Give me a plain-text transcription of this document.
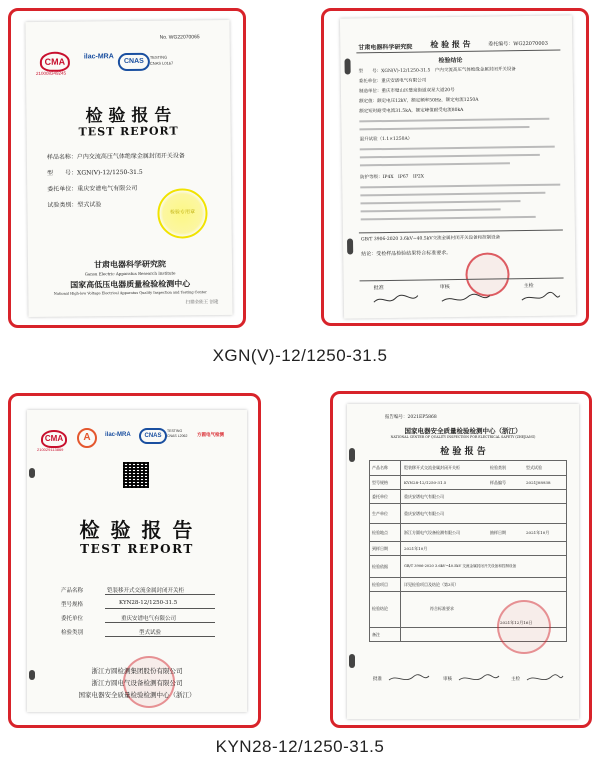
No. WG22070065
CMA
210008349245
ilac-MRA
CNAS
TESTING CNAS L0167
检 验 报 告
TEST REPORT
样品名称：户内交流高压气体绝缘金属封闭开关设备
型　　号：XGN(V)-12/1250-31.5
委托单位：重庆安谱电气有限公司
试验类别：型式试验
检验专用章
甘肃电器科学研究院
Gansu Electric Apparatus Research Institute
国家高低压电器质量检验检测中心
National High-low Voltage Electrical Apparatus Quality Inspection and Testing Center
扫描全能王 创建
甘肃电器科学研究院 检 验 报 告	委托编号：WG22070003
检验结论
型　　号：XGN(V)-12/1250-31.5　户内交流高压气体绝缘金属封闭开关设备
委托单位：重庆安谱电气有限公司
制造单位：重庆市璧山区璧泉街道双星大道20号
额定值：额定电压12kV，额定频率50Hz，额定电流1250A
额定短时耐受电流31.5kA，额定峰值耐受电流80kA
温升试验（1.1×1250A）
防护等级：IP4X　IP67　IP2X
GB/T 3906-2020 3.6kV~40.5kV交流金属封闭开关设备和控制设备
结论：受检样品检验结果符合标准要求。
批准	审核	主检
XGN(V)-12/1250-31.5
CMA
210029113869
A	ilac-MRA	CNAS
TESTING CNAS L2062	方圆电气检测
检 验 报 告
TEST REPORT
产品名称	铠装移开式交流金属封闭开关柜
型号规格	KYN28-12/1250-31.5
委托单位	重庆安谱电气有限公司
检验类别	型式试验
浙江方圆检测集团股份有限公司
浙江方圆电气设备检测有限公司
国家电器安全质量检验检测中心（浙江）
报告编号：2021EP5868
国家电器安全质量检验检测中心（浙江）
NATIONAL CENTER OF QUALITY INSPECTION FOR ELECTRICAL SAFETY (ZHEJIANG)
检 验 报 告
产品名称	铠装移开式交流金属封闭开关柜	检验类别	型式试验
型号规格	KYN28-12/1250-31.5	样品编号	2021J08938
委托单位	重庆安谱电气有限公司
生产单位	重庆安谱电气有限公司
检验地点	浙江方圆电气设备检测有限公司	抽样日期	2021年10月
到样日期	2021年10月
检验依据	GB/T 3906-2020 3.6kV~40.5kV 交流金属封闭开关设备和控制设备
检验项目	详见检验项目及结论（第3页）
检验结论	符合标准要求
2021年12月16日
备注
批准	审核	主检
KYN28-12/1250-31.5
